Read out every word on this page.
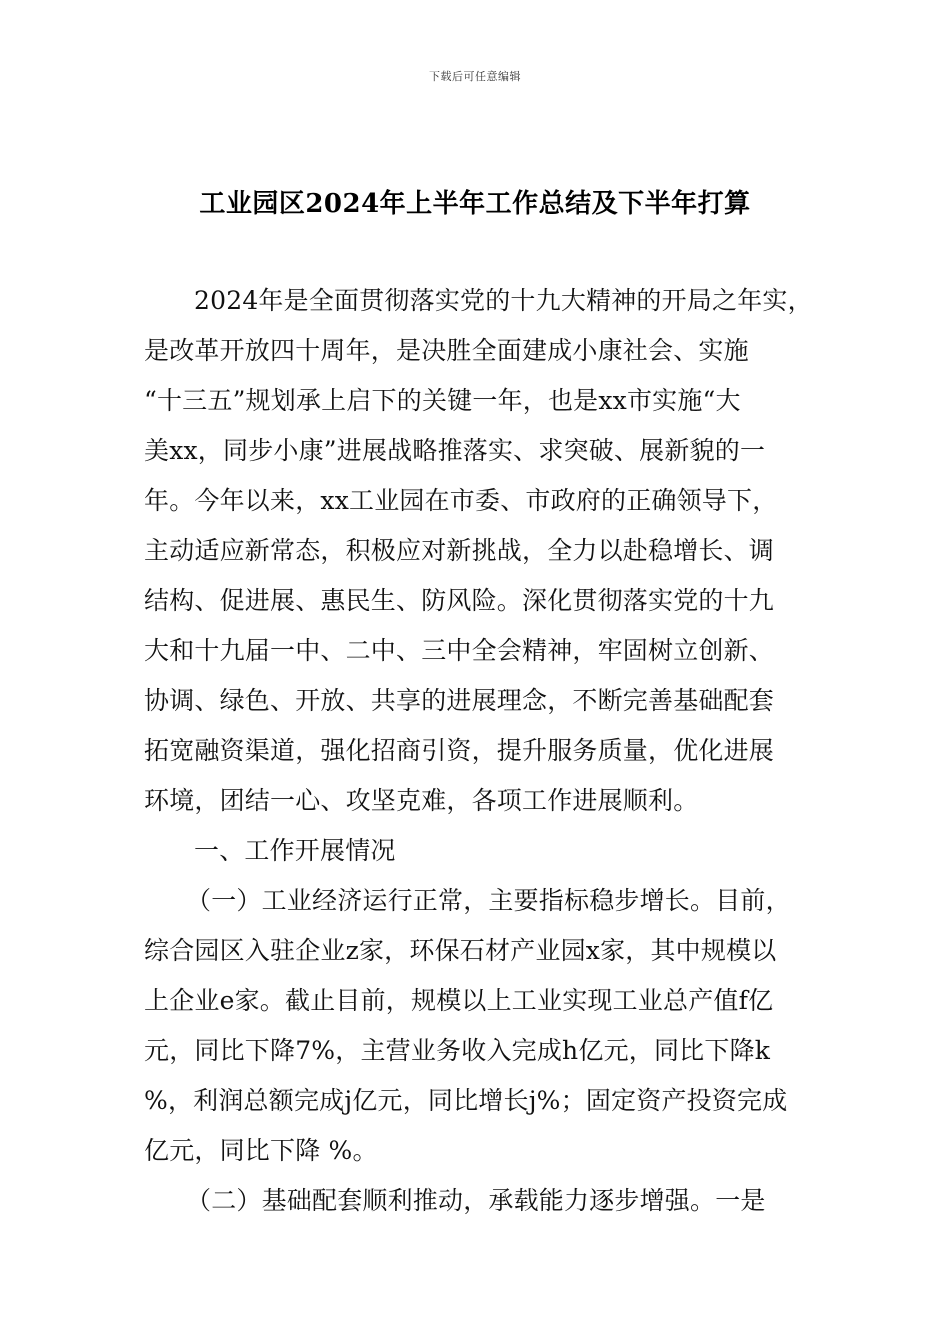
下载后可任意编辑
工业园区2024年上半年工作总结及下半年打算
2024年是全面贯彻落实党的十九大精神的开局之年实，
是改革开放四十周年，是决胜全面建成小康社会、实施
“十三五”规划承上启下的关键一年，也是xx市实施“大
美xx，同步小康”进展战略推落实、求突破、展新貌的一
年。今年以来，xx工业园在市委、市政府的正确领导下，
主动适应新常态，积极应对新挑战，全力以赴稳增长、调
结构、促进展、惠民生、防风险。深化贯彻落实党的十九
大和十九届一中、二中、三中全会精神，牢固树立创新、
协调、绿色、开放、共享的进展理念，不断完善基础配套
拓宽融资渠道，强化招商引资，提升服务质量，优化进展
环境，团结一心、攻坚克难，各项工作进展顺利。
一、工作开展情况
（一）工业经济运行正常，主要指标稳步增长。目前，
综合园区入驻企业z家，环保石材产业园x家，其中规模以
上企业e家。截止目前，规模以上工业实现工业总产值f亿
元，同比下降7%，主营业务收入完成h亿元，同比下降k
%，利润总额完成j亿元，同比增长j%；固定资产投资完成
亿元，同比下降 %。
（二）基础配套顺利推动，承载能力逐步增强。一是
